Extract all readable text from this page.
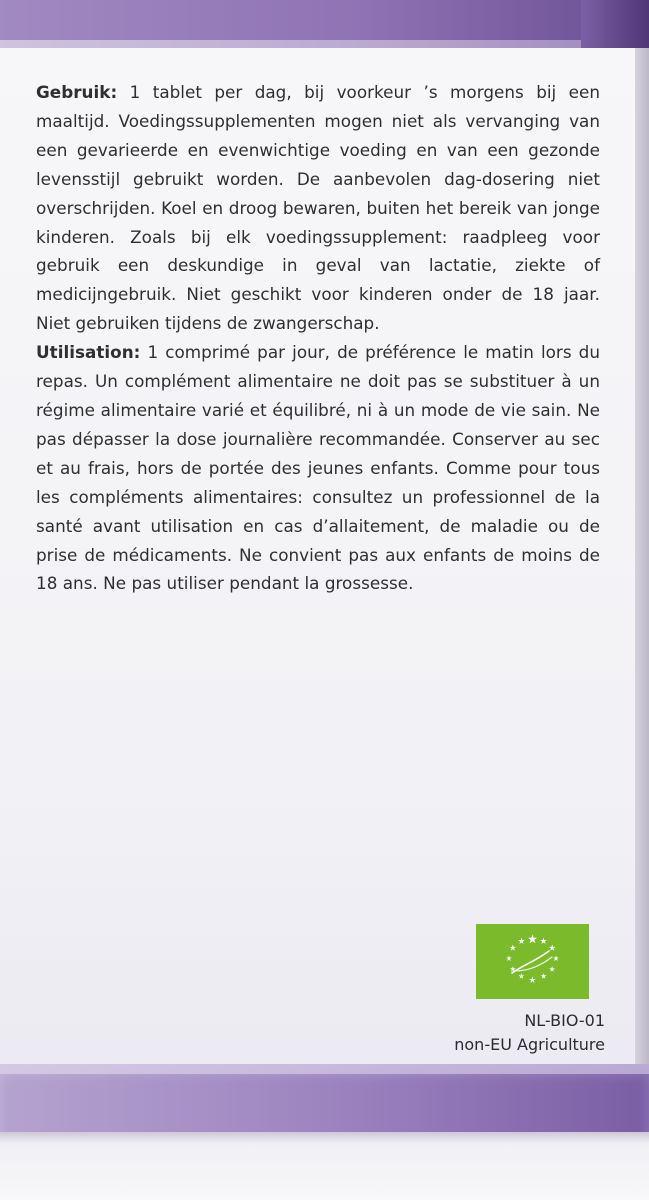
Gebruik: 1 tablet per dag, bij voorkeur ’s morgens bij een maaltijd. Voedingssupplementen mogen niet als vervanging van een gevarieerde en evenwichtige voeding en van een gezonde levensstijl gebruikt worden. De aanbevolen dag-dosering niet overschrijden. Koel en droog bewaren, buiten het bereik van jonge kinderen. Zoals bij elk voedingssupplement: raadpleeg voor gebruik een deskundige in geval van lactatie, ziekte of medicijngebruik. Niet geschikt voor kinderen onder de 18 jaar. Niet gebruiken tijdens de zwangerschap.

Utilisation: 1 comprimé par jour, de préférence le matin lors du repas. Un complément alimentaire ne doit pas se substituer à un régime alimentaire varié et équilibré, ni à un mode de vie sain. Ne pas dépasser la dose journalière recommandée. Conserver au sec et au frais, hors de portée des jeunes enfants. Comme pour tous les compléments alimentaires: consultez un professionnel de la santé avant utilisation en cas d’allaitement, de maladie ou de prise de médicaments. Ne convient pas aux enfants de moins de 18 ans. Ne pas utiliser pendant la grossesse.

NL-BIO-01
non-EU Agriculture
